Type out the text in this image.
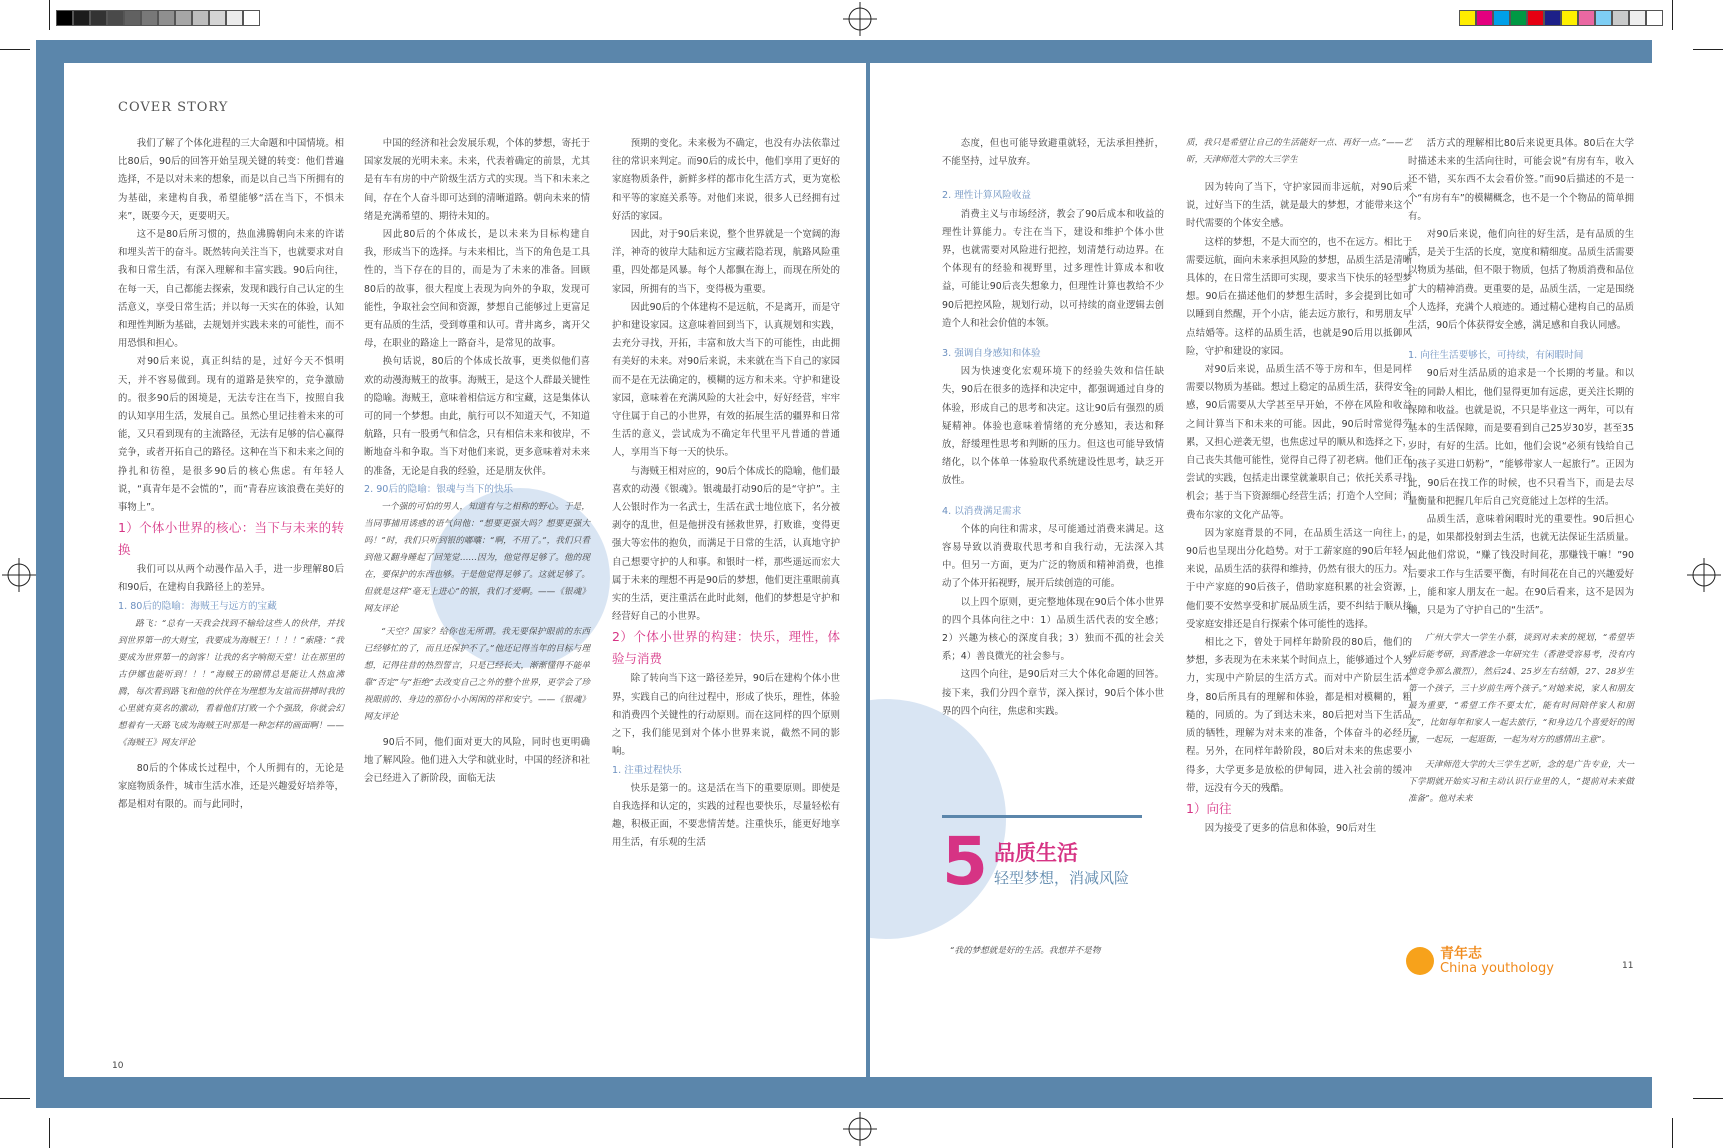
COVER STORY

我们了解了个体化进程的三大命题和中国情境。相比80后，90后的回答开始呈现关键的转变：他们普遍选择，不是以对未来的想象，而是以自己当下所拥有的为基础，来建构自我，希望能够“活在当下，不惧未来”，既要今天，更要明天。

这不是80后所习惯的，热血沸腾朝向未来的许诺和埋头苦干的奋斗。既然转向关注当下，也就要求对自我和日常生活，有深入理解和丰富实践。90后向往，在每一天，自己都能去探索，发现和践行自己认定的生活意义，享受日常生活；并以每一天实在的体验，认知和理性判断为基础，去规划并实践未来的可能性，而不用恐惧和担心。

对90后来说，真正纠结的是，过好今天不惧明天，并不容易做到。现有的道路是狭窄的，竞争激励的。很多90后的困境是，无法专注在当下，按照自我的认知享用生活，发展自己。虽然心里记挂着未来的可能，又只看到现有的主流路径，无法有足够的信心赢得竞争，或者开拓自己的路径。这种在当下和未来之间的挣扎和彷徨，是很多90后的核心焦虑。有年轻人说，“真青年是不会慌的”，而“青春应该浪费在美好的事物上”。

1）个体小世界的核心：当下与未来的转换

我们可以从两个动漫作品入手，进一步理解80后和90后，在建构自我路径上的差异。

1. 80后的隐喻：海贼王与远方的宝藏

路飞：“总有一天我会找到不输给这些人的伙伴，并找到世界第一的大财宝，我要成为海贼王！！！！”索隆：“我要成为世界第一的剑客！让我的名字响彻天堂！让在那里的古伊娜也能听到！！！”海贼王的剧情总是能让人热血沸腾，每次看到路飞和他的伙伴在为理想为友谊而拼搏时我的心里就有莫名的激动，看着他们打败一个个强敌，你就会幻想着有一天路飞成为海贼王时那是一种怎样的画面啊！——《海贼王》网友评论

80后的个体成长过程中，个人所拥有的，无论是家庭物质条件，城市生活水准，还是兴趣爱好培养等，都是相对有限的。而与此同时，

中国的经济和社会发展乐观，个体的梦想，寄托于国家发展的光明未来。未来，代表着确定的前景，尤其是有车有房的中产阶级生活方式的实现。当下和未来之间，存在个人奋斗即可达到的清晰道路。朝向未来的情绪是充满希望的、期待未知的。

因此80后的个体成长，是以未来为目标构建自我，形成当下的选择。与未来相比，当下的角色是工具性的，当下存在的目的，而是为了未来的准备。回顾80后的故事，很大程度上表现为向外的争取，发现可能性，争取社会空间和资源，梦想自己能够过上更富足更有品质的生活，受到尊重和认可。背井离乡，离开父母，在职业的路途上一路奋斗，是常见的故事。

换句话说，80后的个体成长故事，更类似他们喜欢的动漫海贼王的故事。海贼王，是这个人群最关键性的隐喻。海贼王，意味着相信远方和宝藏，这是集体认可的同一个梦想。由此，航行可以不知道天气，不知道航路，只有一股勇气和信念，只有相信未来和彼岸，不断地奋斗和争取。当下对他们来说，更多意味着对未来的准备，无论是自我的经验，还是朋友伙伴。

2. 90后的隐喻：银魂与当下的快乐

一个强的可怕的男人，知道有与之相称的野心。于是，当同事捕用诱惑的语气问他：“想要更强大吗？想要更强大吗！”时，我们只听到银的嘟囔：“啊，不用了。”，我们只看到他又翻身睡起了回笼觉……因为，他觉得足够了。他的现在，要保护的东西也够。于是他觉得足够了。这就足够了。但就是这样“毫无上进心”的银，我们才爱啊。——《银魂》网友评论

“天空？国家？给你也无所谓。我无要保护眼前的东西已经够忙的了，而且还保护不了。”他还记得当年的目标与理想，记得往昔的热烈誓言，只是已经长大，渐渐懂得不能单靠“否定”与“拒绝”去改变自己之外的整个世界，更学会了珍视眼前的、身边的那份小小闲闲的祥和安宁。——《银魂》网友评论

90后不同，他们面对更大的风险，同时也更明确地了解风险。他们进入大学和就业时，中国的经济和社会已经进入了新阶段，面临无法

预期的变化。未来极为不确定，也没有办法依靠过往的常识来判定。而90后的成长中，他们享用了更好的家庭物质条件，新鲜多样的都市化生活方式，更为宽松和平等的家庭关系等。对他们来说，很多人已经拥有过好活的家园。

因此，对于90后来说，整个世界就是一个宽阔的海洋，神奇的彼岸大陆和远方宝藏若隐若现，航路风险重重，四处都是风暴。每个人都飘在海上，而现在所处的家园，所拥有的当下，变得极为重要。

因此90后的个体建构不是远航，不是离开，而是守护和建设家园。这意味着回到当下，认真规划和实践，去充分寻找，开拓，丰富和放大当下的可能性，由此拥有美好的未来。对90后来说，未来就在当下自己的家园而不是在无法确定的，模糊的远方和未来。守护和建设家园，意味着在充满风险的大社会中，好好经营，牢牢守住属于自己的小世界，有效的拓展生活的疆界和日常生活的意义，尝试成为不确定年代里平凡普通的普通人，享用当下每一天的快乐。

与海贼王相对应的，90后个体成长的隐喻，他们最喜欢的动漫《银魂》。银魂最打动90后的是“守护”。主人公银时作为一名武士，生活在武士地位底下，名分被剥夺的乱世，但是他拼没有拯救世界，打败谁，变得更强大等宏伟的抱负，而满足于日常的生活，认真地守护自己想要守护的人和事。和银时一样，那些遥远而宏大属于未来的理想不再是90后的梦想，他们更注重眼前真实的生活，更注重活在此时此刻，他们的梦想是守护和经营好自己的小世界。

2）个体小世界的构建：快乐，理性，体验与消费

除了转向当下这一路径差异，90后在建构个体小世界，实践自己的向往过程中，形成了快乐，理性，体验和消费四个关键性的行动原则。而在这同样的四个原则之下，我们能见到对个体小世界来说，截然不同的影响。

1. 注重过程快乐

快乐是第一的。这是活在当下的重要原则。即使是自我选择和认定的，实践的过程也要快乐，尽量轻松有趣，积极正面，不要悲情苦楚。注重快乐，能更好地享用生活，有乐观的生活

10

态度，但也可能导致避重就轻，无法承担挫折，不能坚持，过早放弃。

2. 理性计算风险收益

消费主义与市场经济，教会了90后成本和收益的理性计算能力。专注在当下，建设和维护个体小世界，也就需要对风险进行把控，划清楚行动边界。在个体现有的经验和视野里，过多理性计算成本和收益，可能让90后丧失想象力，但理性计算也教给不少90后把控风险，规划行动，以可持续的商业逻辑去创造个人和社会价值的本领。

3. 强调自身感知和体验

因为快速变化宏观环境下的经验失效和信任缺失，90后在很多的选择和决定中，都强调通过自身的体验，形成自己的思考和决定。这让90后有强烈的质疑精神。体验也意味着情绪的充分感知，表达和释放，舒缓理性思考和判断的压力。但这也可能导致情绪化，以个体单一体验取代系统建设性思考，缺乏开放性。

4. 以消费满足需求

个体的向往和需求，尽可能通过消费来满足。这容易导致以消费取代思考和自我行动，无法深入其中。但另一方面，更为广泛的物质和精神消费，也推动了个体开拓视野，展开后续创造的可能。

以上四个原则，更完整地体现在90后个体小世界的四个具体向往之中：1）品质生活代表的安全感；2）兴趣为核心的深度自我；3）独而不孤的社会关系；4）善良微光的社会参与。

这四个向往，是90后对三大个体化命题的回答。接下来，我们分四个章节，深入探讨，90后个体小世界的四个向往，焦虑和实践。

5 品质生活
轻型梦想，消减风险
“我的梦想就是好的生活。我想并不是物

质，我只是希望让自己的生活能好一点、再好一点。”——艺昕，天津师范大学的大三学生

因为转向了当下，守护家园而非远航，对90后来说，过好当下的生活，就是最大的梦想，才能带来这个时代需要的个体安全感。

这样的梦想，不是大而空的，也不在远方。相比于需要远航，面向未来承担风险的梦想，品质生活是清晰具体的，在日常生活即可实现，要求当下快乐的轻型梦想。90后在描述他们的梦想生活时，多会提到比如可以睡到自然醒，开个小店，能去远方旅行，和男朋友早点结婚等。这样的品质生活，也就是90后用以抵御风险，守护和建设的家园。

对90后来说，品质生活不等于房和车，但是同样需要以物质为基础。想过上稳定的品质生活，获得安全感，90后需要从大学甚至早开始，不停在风险和收益之间计算当下和未来的可能。因此，90后时常觉得劳累，又担心逆袭无望，也焦虑过早的顺从和选择之下，自己丧失其他可能性，觉得自己得了初老病。他们正在尝试的实践，包括走出课堂就兼职自己；依托关系寻找机会；基于当下资源细心经营生活；打造个人空间；消费布尔家的文化产品等。

因为家庭背景的不同，在品质生活这一向往上，90后也呈现出分化趋势。对于工薪家庭的90后年轻人来说，品质生活的获得和维持，仍然有很大的压力。对于中产家庭的90后孩子，借助家庭积累的社会资源，他们要不安然享受和扩展品质生活，要不纠结于顺从接受家庭安排还是自行探索个体可能性的选择。

相比之下，曾处于同样年龄阶段的80后，他们的梦想，多表现为在未来某个时间点上，能够通过个人努力，实现中产阶层的生活方式。而对中产阶层生活本身，80后所具有的理解和体验，都是相对模糊的，粗糙的，同质的。为了到达未来，80后把对当下生活品质的牺牲，理解为对未来的准备，个体奋斗的必经历程。另外，在同样年龄阶段，80后对未来的焦虑要小得多，大学更多是放松的伊甸园，进入社会前的缓冲带，远没有今天的残酷。

1）向往

因为接受了更多的信息和体验，90后对生

活方式的理解相比80后来说更具体。80后在大学时描述未来的生活向往时，可能会说“有房有车，收入还不错，买东西不太会看价签。”而90后描述的不是一个“有房有车”的模糊概念，也不是一个个物品的简单拥有。

对90后来说，他们向往的好生活，是有品质的生活，是关于生活的长度，宽度和精细度。品质生活需要以物质为基础，但不限于物质，包括了物质消费和品位扩大的精神消费。更重要的是，品质生活，一定是围绕个人选择，充满个人痕迹的。通过精心建构自己的品质生活，90后个体获得安全感，满足感和自我认同感。

1. 向往生活要够长，可持续，有闲暇时间

90后对生活品质的追求是一个长期的考量。和以往的同龄人相比，他们显得更加有远虑，更关注长期的保障和收益。也就是说，不只是毕业这一两年，可以有基本的生活保障，而是要看到自己25岁30岁，甚至35岁时，有好的生活。比如，他们会说“必须有钱给自己的孩子买进口奶粉”，“能够带家人一起旅行”。正因为此，90后在找工作的时候，也不只看当下，而是去尽量衡量和把握几年后自己究竟能过上怎样的生活。

品质生活，意味着闲暇时光的重要性。90后担心的是，如果都投射到去生活，也就无法保证生活质量。因此他们常说，“赚了钱没时间花，那赚钱干嘛！”90后要求工作与生活要平衡，有时间花在自己的兴趣爱好上，能和家人朋友在一起。在90后看来，这不是因为懒，只是为了守护自己的“生活”。

广州大学大一学生小蔡，谈到对未来的规划，“希望毕业后能考研，到香港念一年研究生（香港受容易考，没有内地竞争那么激烈），然后24、25岁左右结婚，27、28岁生第一个孩子，三十岁前生两个孩子。”对她来说，家人和朋友最为重要，“希望工作不要太忙，能有时间陪伴家人和朋友”，比如每年和家人一起去旅行，“和身边几个喜爱好的闺蜜，一起玩，一起逛街，一起为对方的感情出主意”。

天津师范大学的大三学生艺昕，念的是广告专业，大一下学期就开始实习和主动认识行业里的人，“提前对未来做准备”。他对未来

青年志
China youthology	11
